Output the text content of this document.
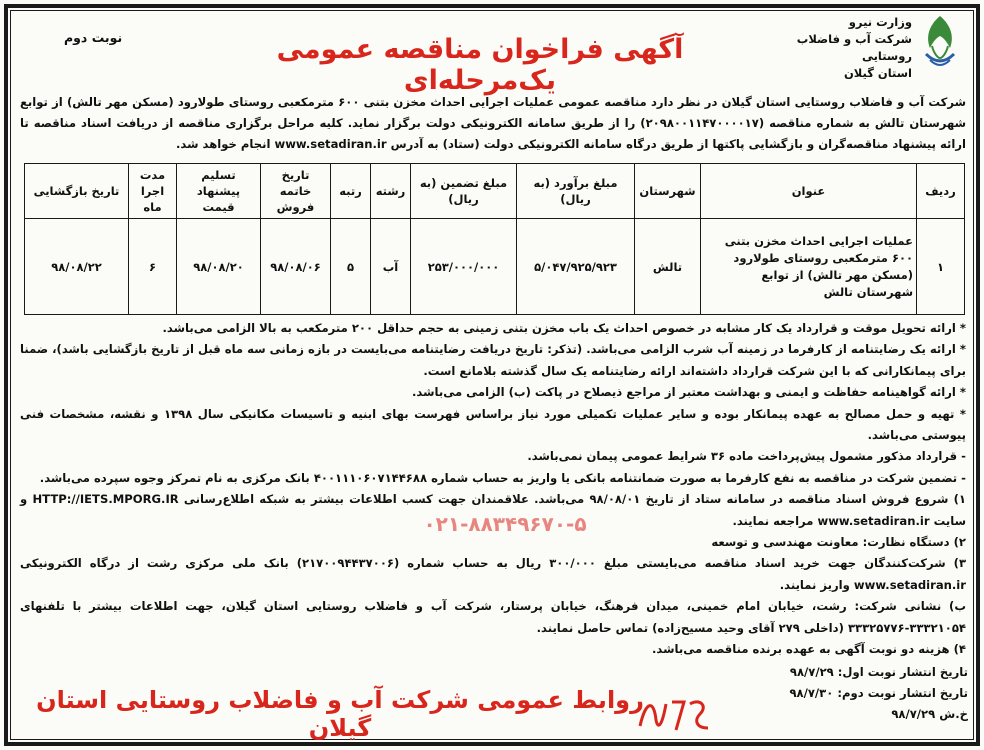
وزارت نیرو
شرکت آب و فاضلاب روستایی
استان گیلان
آگهی فراخوان مناقصه عمومی یک‌مرحله‌ای
نوبت دوم
شرکت آب و فاضلاب روستایی استان گیلان در نظر دارد مناقصه عمومی عملیات اجرایی احداث مخزن بتنی ۶۰۰ مترمکعبی روستای طولارود (مسکن مهر تالش) از توابع شهرستان تالش به شماره مناقصه (۲۰۹۸۰۰۱۱۴۷۰۰۰۰۱۷) را از طریق سامانه الکترونیکی دولت برگزار نماید. کلیه مراحل برگزاری مناقصه از دریافت اسناد مناقصه تا ارائه پیشنهاد مناقصه‌گران و بازگشایی پاکتها از طریق درگاه سامانه الکترونیکی دولت (ستاد) به آدرس www.setadiran.ir انجام خواهد شد.
ردیف	عنوان	شهرستان	مبلغ برآورد (به ریال)	مبلغ تضمین (به ریال)	رشته	رتبه	تاریخ خاتمه فروش	تسلیم پیشنهاد قیمت	مدت اجرا ماه	تاریخ بازگشایی
۱	عملیات اجرایی احداث مخزن بتنی ۶۰۰ مترمکعبی روستای طولارود (مسکن مهر تالش) از توابع شهرستان تالش	تالش	۵/۰۴۷/۹۲۵/۹۲۳	۲۵۳/۰۰۰/۰۰۰	آب	۵	۹۸/۰۸/۰۶	۹۸/۰۸/۲۰	۶	۹۸/۰۸/۲۲

* ارائه تحویل موقت و قرارداد یک کار مشابه در خصوص احداث یک باب مخزن بتنی زمینی به حجم حداقل ۲۰۰ مترمکعب به بالا الزامی می‌باشد.

* ارائه یک رضایتنامه از کارفرما در زمینه آب شرب الزامی می‌باشد. (تذکر: تاریخ دریافت رضایتنامه می‌بایست در بازه زمانی سه ماه قبل از تاریخ بازگشایی باشد)، ضمنا برای پیمانکارانی که با این شرکت قرارداد داشته‌اند ارائه رضایتنامه یک سال گذشته بلامانع است.

* ارائه گواهینامه حفاظت و ایمنی و بهداشت معتبر از مراجع ذیصلاح در پاکت (ب) الزامی می‌باشد.

* تهیه و حمل مصالح به عهده پیمانکار بوده و سایر عملیات تکمیلی مورد نیاز براساس فهرست بهای ابنیه و تاسیسات مکانیکی سال ۱۳۹۸ و نقشه، مشخصات فنی پیوستی می‌باشد.

- قرارداد مذکور مشمول پیش‌پرداخت ماده ۳۶ شرایط عمومی پیمان نمی‌باشد.

- تضمین شرکت در مناقصه به نفع کارفرما به صورت ضمانتنامه بانکی یا واریز به حساب شماره ۴۰۰۱۱۱۰۶۰۷۱۴۴۶۸۸ بانک مرکزی به نام تمرکز وجوه سپرده می‌باشد.

۱) شروع فروش اسناد مناقصه در سامانه ستاد از تاریخ ۹۸/۰۸/۰۱ می‌باشد. علاقمندان جهت کسب اطلاعات بیشتر به شبکه اطلاع‌رسانی HTTP://IETS.MPORG.IR و سایت www.setadiran.ir مراجعه نمایند.

۲) دستگاه نظارت: معاونت مهندسی و توسعه

۳) شرکت‌کنندگان جهت خرید اسناد مناقصه می‌بایستی مبلغ ۳۰۰/۰۰۰ ریال به حساب شماره (۲۱۷۰۰۹۴۴۳۷۰۰۶) بانک ملی مرکزی رشت از درگاه الکترونیکی www.setadiran.ir واریز نمایند.

ب) نشانی شرکت: رشت، خیابان امام خمینی، میدان فرهنگ، خیابان پرستار، شرکت آب و فاضلاب روستایی استان گیلان، جهت اطلاعات بیشتر با تلفنهای ۳۳۳۲۱۰۵۴-۳۳۳۲۵۷۷۶ (داخلی ۲۷۹ آقای وحید مسیح‌زاده) تماس حاصل نمایند.

۴) هزینه دو نوبت آگهی به عهده برنده مناقصه می‌باشد.

۰۲۱-۸۸۳۴۹۶۷۰-۵
تاریخ انتشار نوبت اول: ۹۸/۷/۲۹
تاریخ انتشار نوبت دوم: ۹۸/۷/۳۰
خ.ش ۹۸/۷/۲۹
روابط عمومی شرکت آب و فاضلاب روستایی استان گیلان
